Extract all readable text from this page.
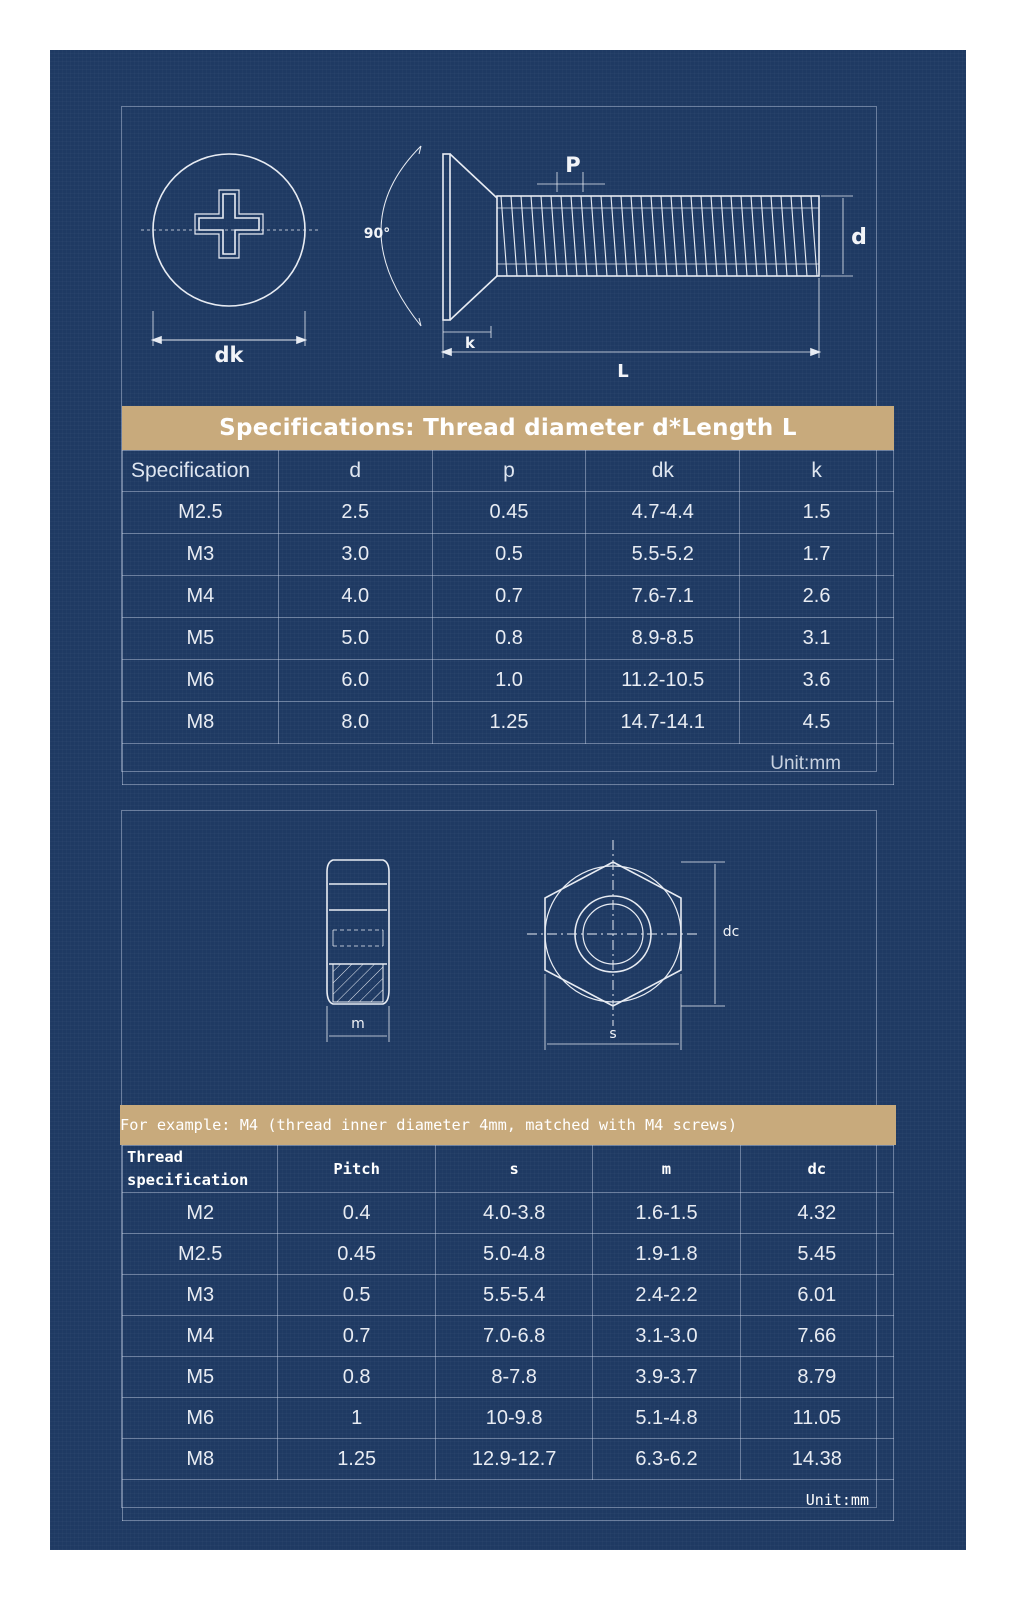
P
90°	d
dk	k
L
Specifications: Thread diameter d*Length L
Specification	d	p	dk	k
M2.5	2.5	0.45	4.7-4.4	1.5
M3	3.0	0.5	5.5-5.2	1.7
M4	4.0	0.7	7.6-7.1	2.6
M5	5.0	0.8	8.9-8.5	3.1
M6	6.0	1.0	11.2-10.5	3.6
M8	8.0	1.25	14.7-14.1	4.5
Unit:mm				
m
s
dc
For example: M4 (thread inner diameter 4mm, matched with M4 screws)
Thread specification	Pitch	s	m	dc
M2	0.4	4.0-3.8	1.6-1.5	4.32
M2.5	0.45	5.0-4.8	1.9-1.8	5.45
M3	0.5	5.5-5.4	2.4-2.2	6.01
M4	0.7	7.0-6.8	3.1-3.0	7.66
M5	0.8	8-7.8	3.9-3.7	8.79
M6	1	10-9.8	5.1-4.8	11.05
M8	1.25	12.9-12.7	6.3-6.2	14.38
Unit:mm				
